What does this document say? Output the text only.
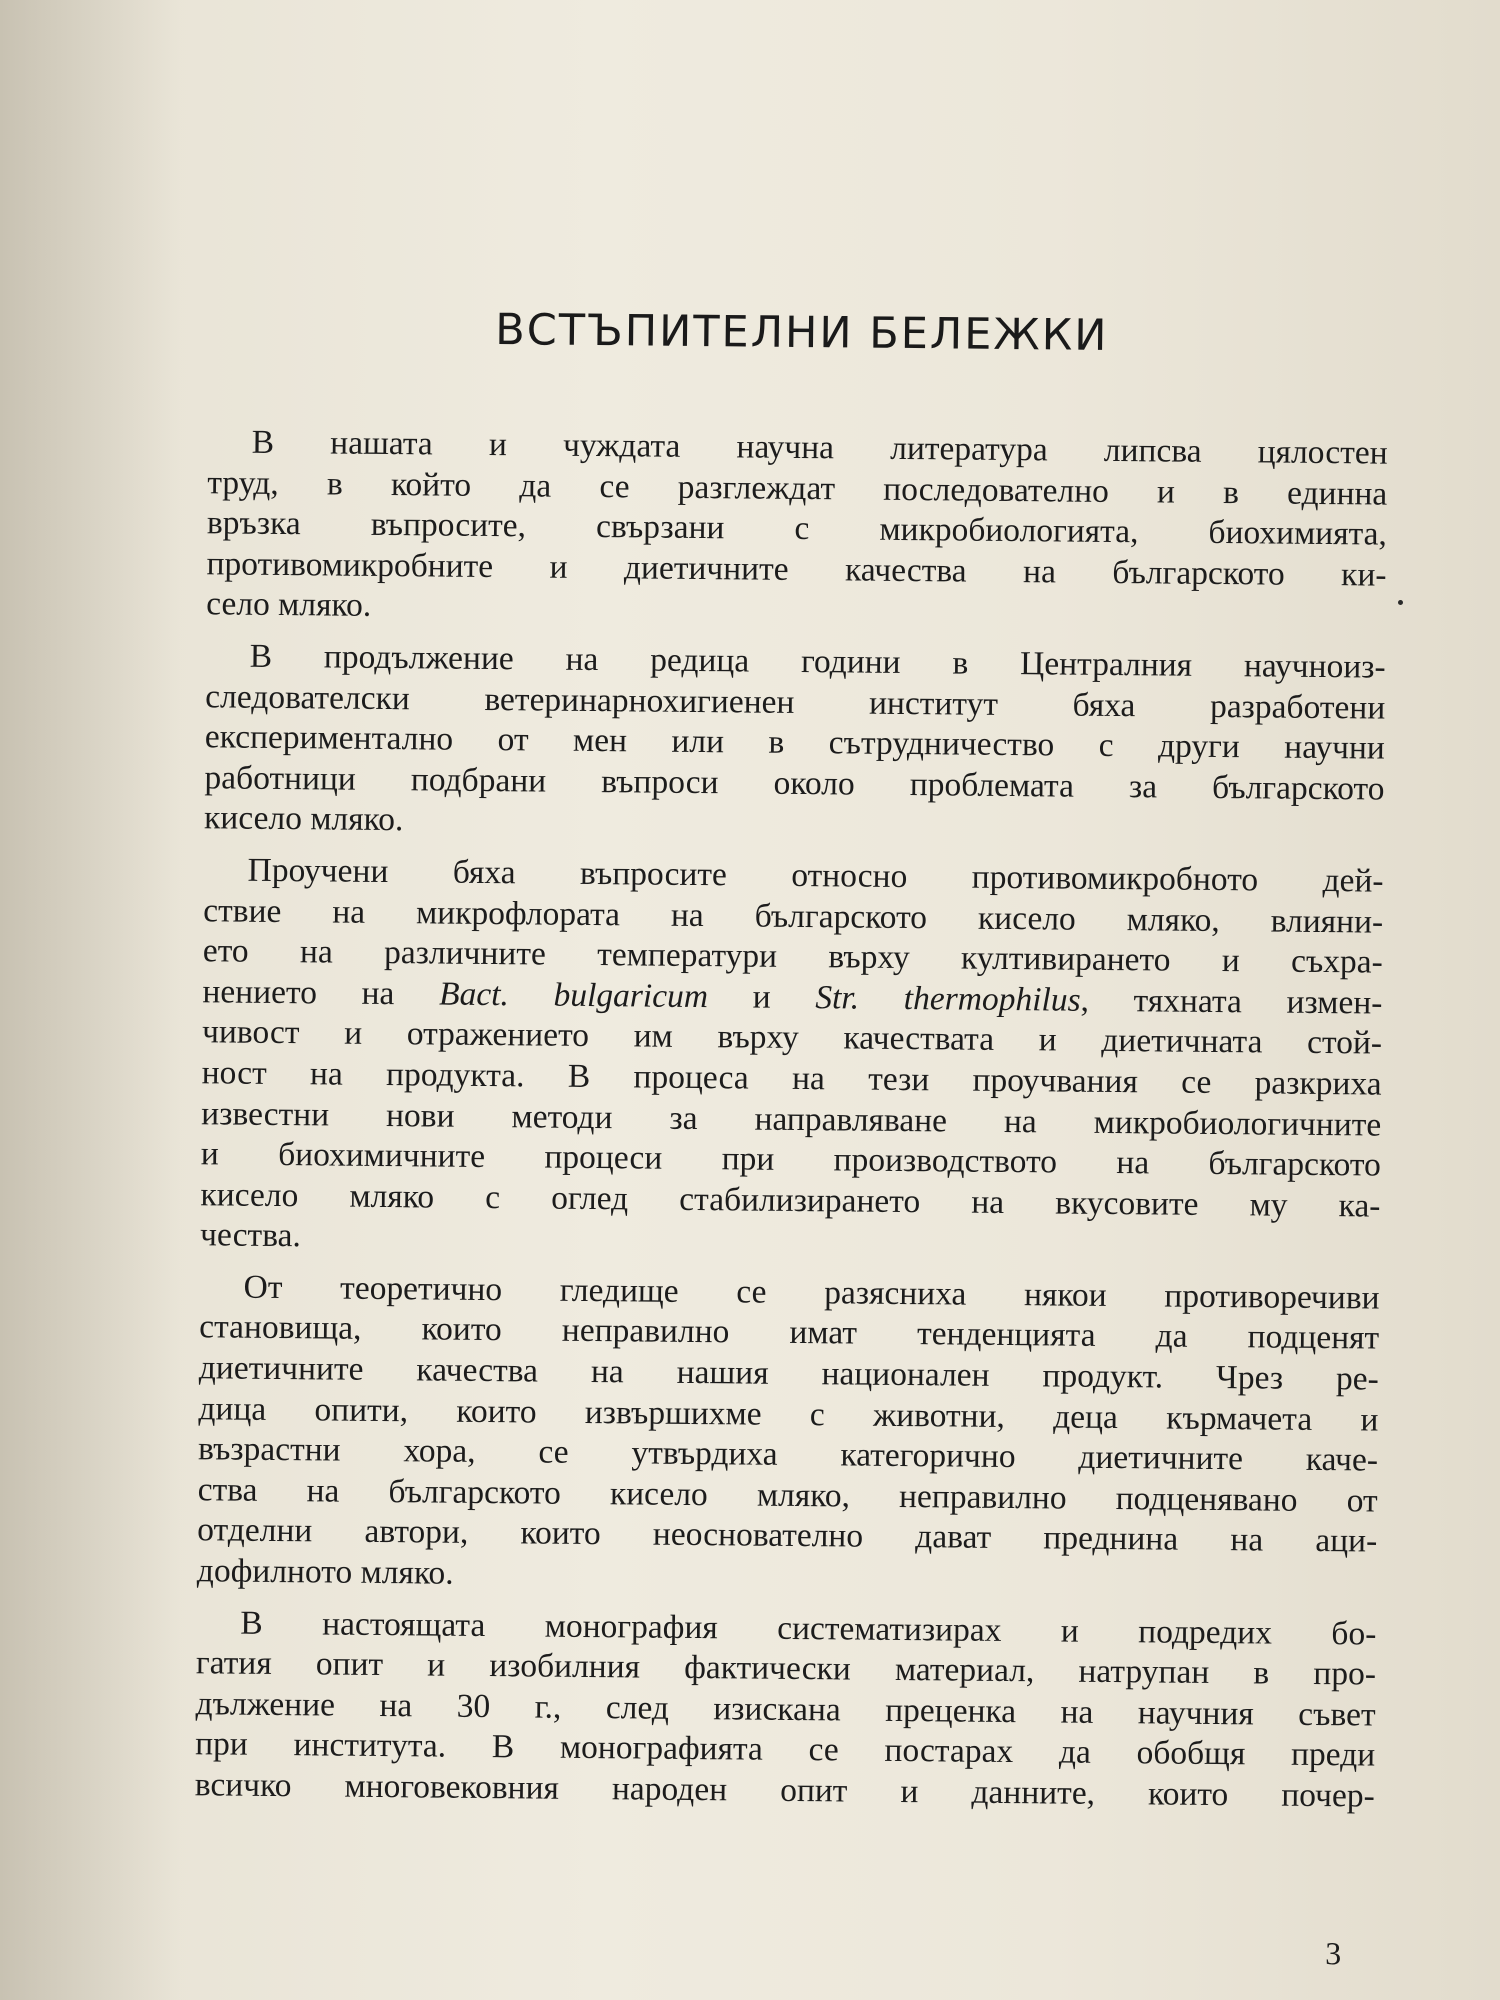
ВСТЪПИТЕЛНИ БЕЛЕЖКИ

В нашата и чуждата научна литература липсва цялостен
труд, в който да се разглеждат последователно и в единна
връзка въпросите, свързани с микробиологията, биохимията,
противомикробните и диетичните качества на българското ки-
село мляко.

В продължение на редица години в Централния научноиз-
следователски ветеринарнохигиенен институт бяха разработени
експериментално от мен или в сътрудничество с други научни
работници подбрани въпроси около проблемата за българското
кисело мляко.

Проучени бяха въпросите относно противомикробното дей-
ствие на микрофлората на българското кисело мляко, влияни-
ето на различните температури върху култивирането и съхра-
нението на Bact. bulgaricum и Str. thermophilus, тяхната измен-
чивост и отражението им върху качествата и диетичната стой-
ност на продукта. В процеса на тези проучвания се разкриха
известни нови методи за направляване на микробиологичните
и биохимичните процеси при производството на българското
кисело мляко с оглед стабилизирането на вкусовите му ка-
чества.

От теоретично гледище се разясниха някои противоречиви
становища, които неправилно имат тенденцията да подценят
диетичните качества на нашия национален продукт. Чрез ре-
дица опити, които извършихме с животни, деца кърмачета и
възрастни хора, се утвърдиха категорично диетичните каче-
ства на българското кисело мляко, неправилно подценявано от
отделни автори, които неоснователно дават преднина на аци-
дофилното мляко.

В настоящата монография систематизирах и подредих бо-
гатия опит и изобилния фактически материал, натрупан в про-
дължение на 30 г., след изискана преценка на научния съвет
при института. В монографията се постарах да обобщя преди
всичко многовековния народен опит и данните, които почер-

3
